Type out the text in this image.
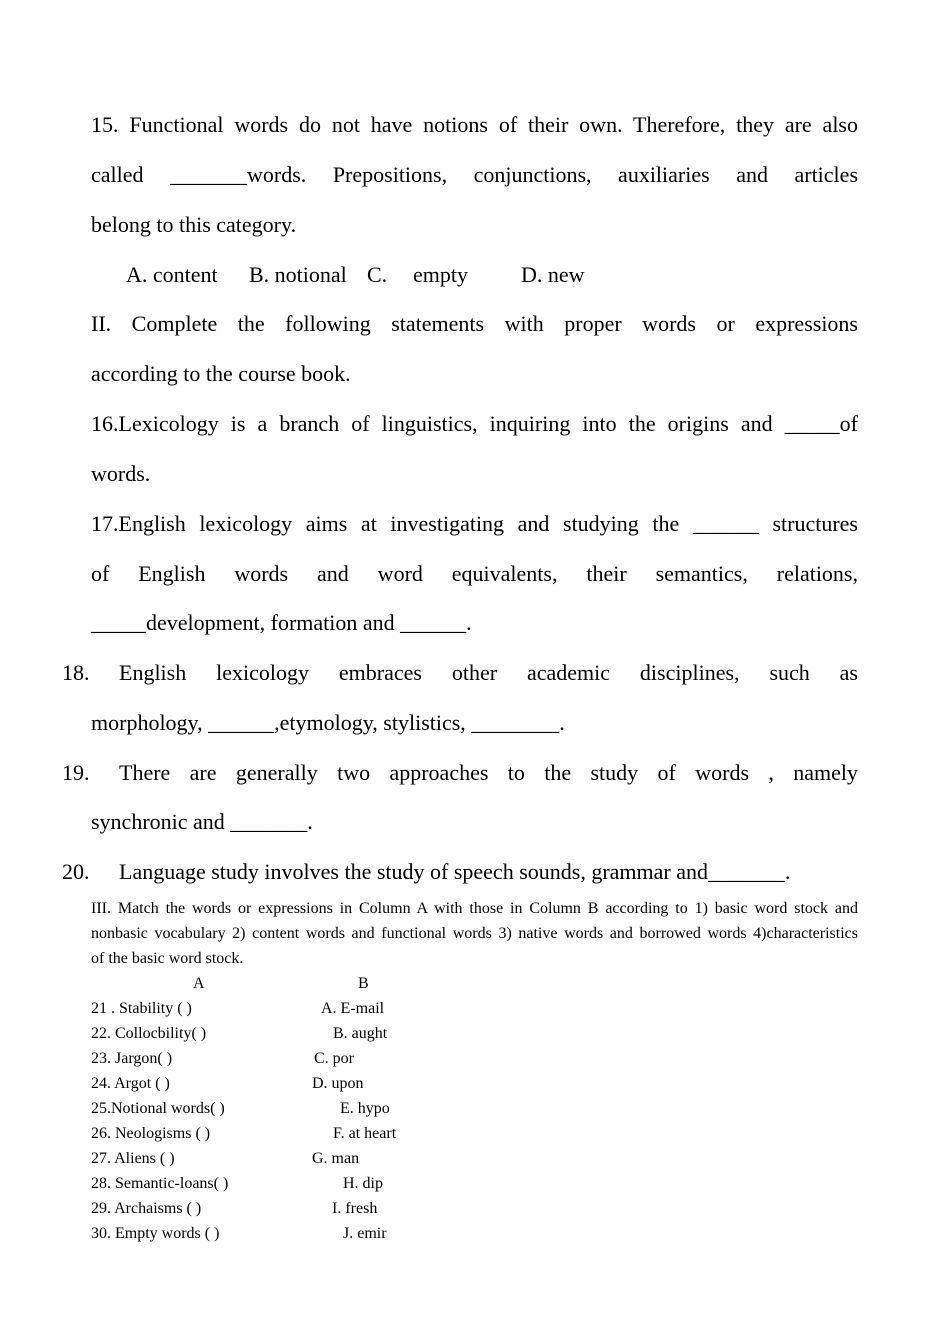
15. Functional words do not have notions of their own. Therefore, they are also
called _______words. Prepositions, conjunctions, auxiliaries and articles
belong to this category.
A. content B. notional C. empty D. new
II. Complete the following statements with proper words or expressions
according to the course book.
16.Lexicology is a branch of linguistics, inquiring into the origins and _____of
words.
17.English lexicology aims at investigating and studying the ______ structures
of English words and word equivalents, their semantics, relations,
_____development, formation and ______.
18. English lexicology embraces other academic disciplines, such as
morphology, ______,etymology, stylistics, ________.
19. There are generally two approaches to the study of words , namely
synchronic and _______.
20. Language study involves the study of speech sounds, grammar and_______.
III. Match the words or expressions in Column A with those in Column B according to 1) basic word stock and
nonbasic vocabulary 2) content words and functional words 3) native words and borrowed words 4)characteristics
of the basic word stock.
A	B
21 . Stability ( )
22. Collocbility( )
23. Jargon( )
24. Argot ( )
25.Notional words( )
26. Neologisms ( )
27. Aliens ( )
28. Semantic-loans( )
29. Archaisms ( )
30. Empty words ( )
A. E-mail
B. aught
C. por
D. upon
E. hypo
F. at heart
G. man
H. dip
I. fresh
J. emir
